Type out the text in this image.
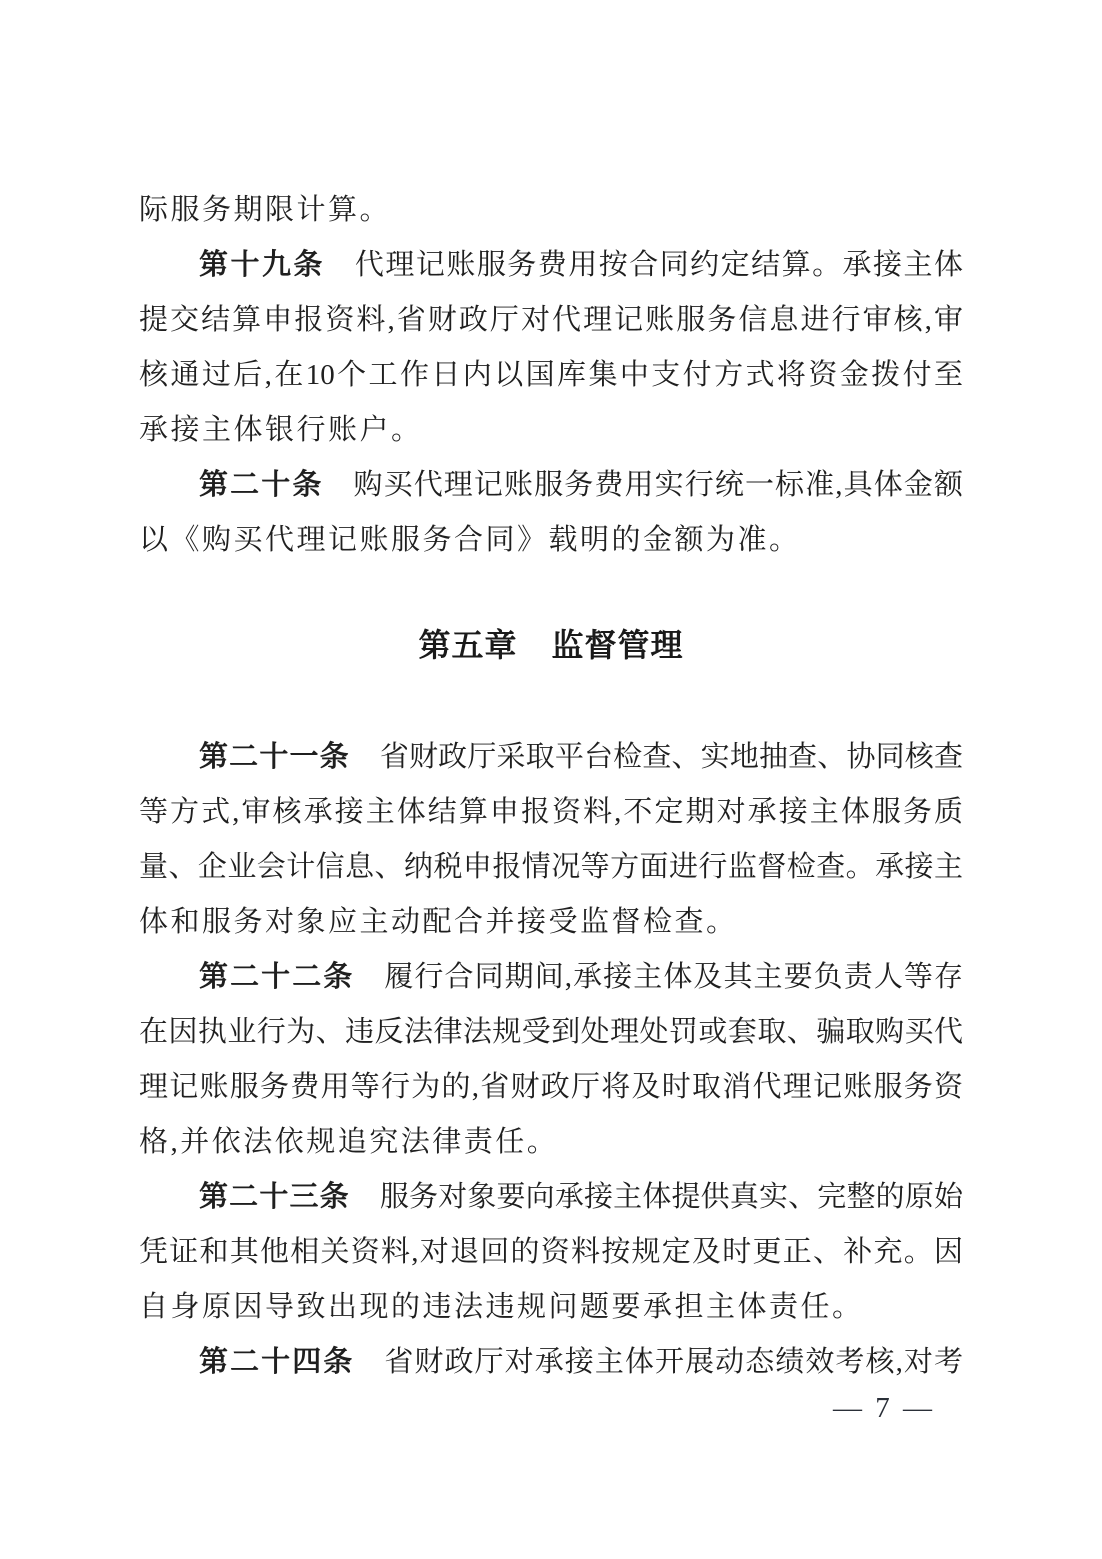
际服务期限计算。

第十九条 代理记账服务费用按合同约定结算。承接主体

提交结算申报资料,省财政厅对代理记账服务信息进行审核,审

核通过后,在10个工作日内以国库集中支付方式将资金拨付至

承接主体银行账户。

第二十条 购买代理记账服务费用实行统一标准,具体金额

以《购买代理记账服务合同》载明的金额为准。

第五章 监督管理

第二十一条 省财政厅采取平台检查、实地抽查、协同核查

等方式,审核承接主体结算申报资料,不定期对承接主体服务质

量、企业会计信息、纳税申报情况等方面进行监督检查。承接主

体和服务对象应主动配合并接受监督检查。

第二十二条 履行合同期间,承接主体及其主要负责人等存

在因执业行为、违反法律法规受到处理处罚或套取、骗取购买代

理记账服务费用等行为的,省财政厅将及时取消代理记账服务资

格,并依法依规追究法律责任。

第二十三条 服务对象要向承接主体提供真实、完整的原始

凭证和其他相关资料,对退回的资料按规定及时更正、补充。因

自身原因导致出现的违法违规问题要承担主体责任。

第二十四条 省财政厅对承接主体开展动态绩效考核,对考

— 7 —
